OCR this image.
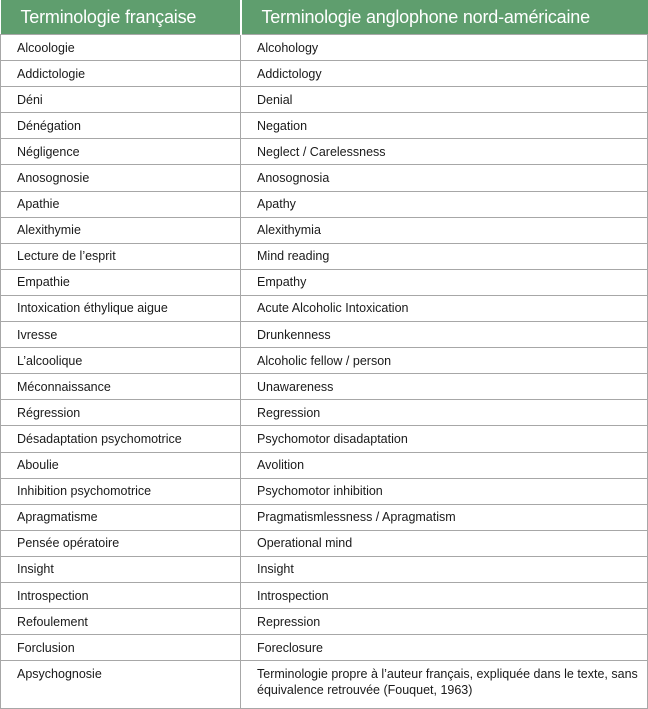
Terminologie française	Terminologie anglophone nord-américaine
Alcoologie	Alcohology
Addictologie	Addictology
Déni	Denial
Dénégation	Negation
Négligence	Neglect / Carelessness
Anosognosie	Anosognosia
Apathie	Apathy
Alexithymie	Alexithymia
Lecture de l’esprit	Mind reading
Empathie	Empathy
Intoxication éthylique aigue	Acute Alcoholic Intoxication
Ivresse	Drunkenness
L’alcoolique	Alcoholic fellow / person
Méconnaissance	Unawareness
Régression	Regression
Désadaptation psychomotrice	Psychomotor disadaptation
Aboulie	Avolition
Inhibition psychomotrice	Psychomotor inhibition
Apragmatisme	Pragmatismlessness / Apragmatism
Pensée opératoire	Operational mind
Insight	Insight
Introspection	Introspection
Refoulement	Repression
Forclusion	Foreclosure
Apsychognosie	Terminologie propre à l’auteur français, expliquée dans le texte, sans équivalence retrouvée (Fouquet, 1963)
